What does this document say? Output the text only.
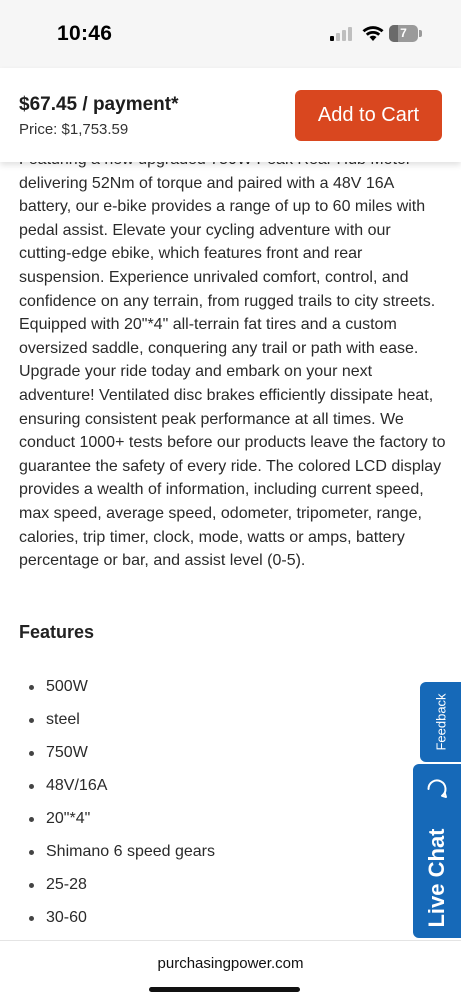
10:46	7
$67.45 / payment*
Price: $1,753.59
Add to Cart

delivering 52Nm of torque and paired with a 48V 16A battery, our e-bike provides a range of up to 60 miles with pedal assist. Elevate your cycling adventure with our cutting-edge ebike, which features front and rear suspension. Experience unrivaled comfort, control, and confidence on any terrain, from rugged trails to city streets. Equipped with 20"*4" all-terrain fat tires and a custom oversized saddle, conquering any trail or path with ease. Upgrade your ride today and embark on your next adventure! Ventilated disc brakes efficiently dissipate heat, ensuring consistent peak performance at all times. We conduct 1000+ tests before our products leave the factory to guarantee the safety of every ride. The colored LCD display provides a wealth of information, including current speed, max speed, average speed, odometer, tripometer, range, calories, trip timer, clock, mode, watts or amps, battery percentage or bar, and assist level (0-5).

Features
500W
steel
750W
48V/16A
20"*4"
Shimano 6 speed gears
25-28
30-60
Feedback
Live Chat
purchasingpower.com
